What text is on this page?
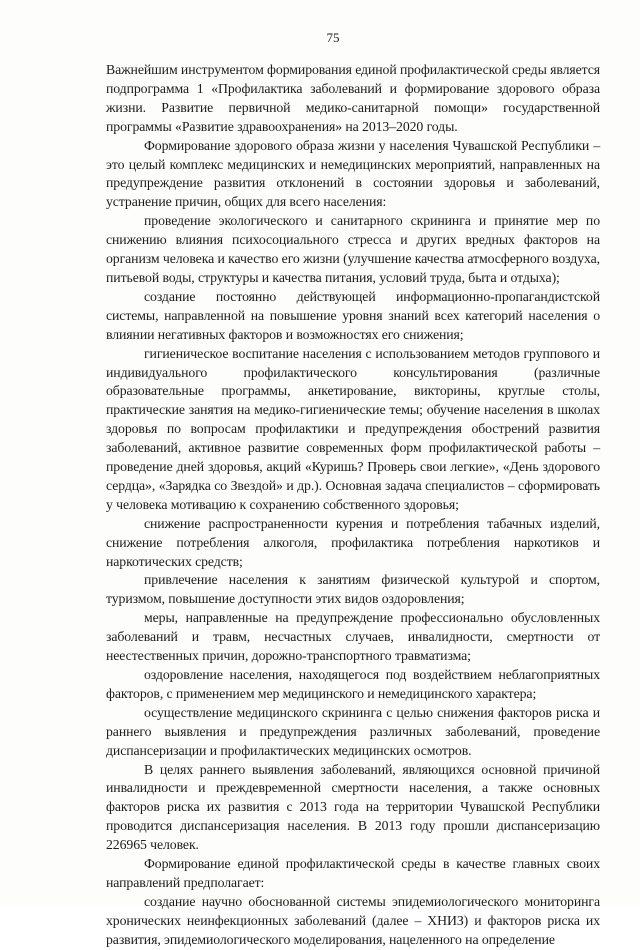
75

Важнейшим инструментом формирования единой профилактической среды является подпрограмма 1 «Профилактика заболеваний и формирование здорового образа жизни. Развитие первичной медико-санитарной помощи» государственной программы «Развитие здравоохранения» на 2013–2020 годы.

Формирование здорового образа жизни у населения Чувашской Республики – это целый комплекс медицинских и немедицинских мероприятий, направленных на предупреждение развития отклонений в состоянии здоровья и заболеваний, устранение причин, общих для всего населения:

проведение экологического и санитарного скрининга и принятие мер по снижению влияния психосоциального стресса и других вредных факторов на организм человека и качество его жизни (улучшение качества атмосферного воздуха, питьевой воды, структуры и качества питания, условий труда, быта и отдыха);

создание постоянно действующей информационно-пропагандистской системы, направленной на повышение уровня знаний всех категорий населения о влиянии негативных факторов и возможностях его снижения;

гигиеническое воспитание населения с использованием методов группового и индивидуального профилактического консультирования (различные образовательные программы, анкетирование, викторины, круглые столы, практические занятия на медико-гигиенические темы; обучение населения в школах здоровья по вопросам профилактики и предупреждения обострений развития заболеваний, активное развитие современных форм профилактической работы – проведение дней здоровья, акций «Куришь? Проверь свои легкие», «День здорового сердца», «Зарядка со Звездой» и др.). Основная задача специалистов – сформировать у человека мотивацию к сохранению собственного здоровья;

снижение распространенности курения и потребления табачных изделий, снижение потребления алкоголя, профилактика потребления наркотиков и наркотических средств;

привлечение населения к занятиям физической культурой и спортом, туризмом, повышение доступности этих видов оздоровления;

меры, направленные на предупреждение профессионально обусловленных заболеваний и травм, несчастных случаев, инвалидности, смертности от неестественных причин, дорожно-транспортного травматизма;

оздоровление населения, находящегося под воздействием неблагоприятных факторов, с применением мер медицинского и немедицинского характера;

осуществление медицинского скрининга с целью снижения факторов риска и раннего выявления и предупреждения различных заболеваний, проведение диспансеризации и профилактических медицинских осмотров.

В целях раннего выявления заболеваний, являющихся основной причиной инвалидности и преждевременной смертности населения, а также основных факторов риска их развития с 2013 года на территории Чувашской Республики проводится диспансеризация населения. В 2013 году прошли диспансеризацию 226965 человек.

Формирование единой профилактической среды в качестве главных своих направлений предполагает:

создание научно обоснованной системы эпидемиологического мониторинга хронических неинфекционных заболеваний (далее – ХНИЗ) и факторов риска их развития, эпидемиологического моделирования, нацеленного на определение
